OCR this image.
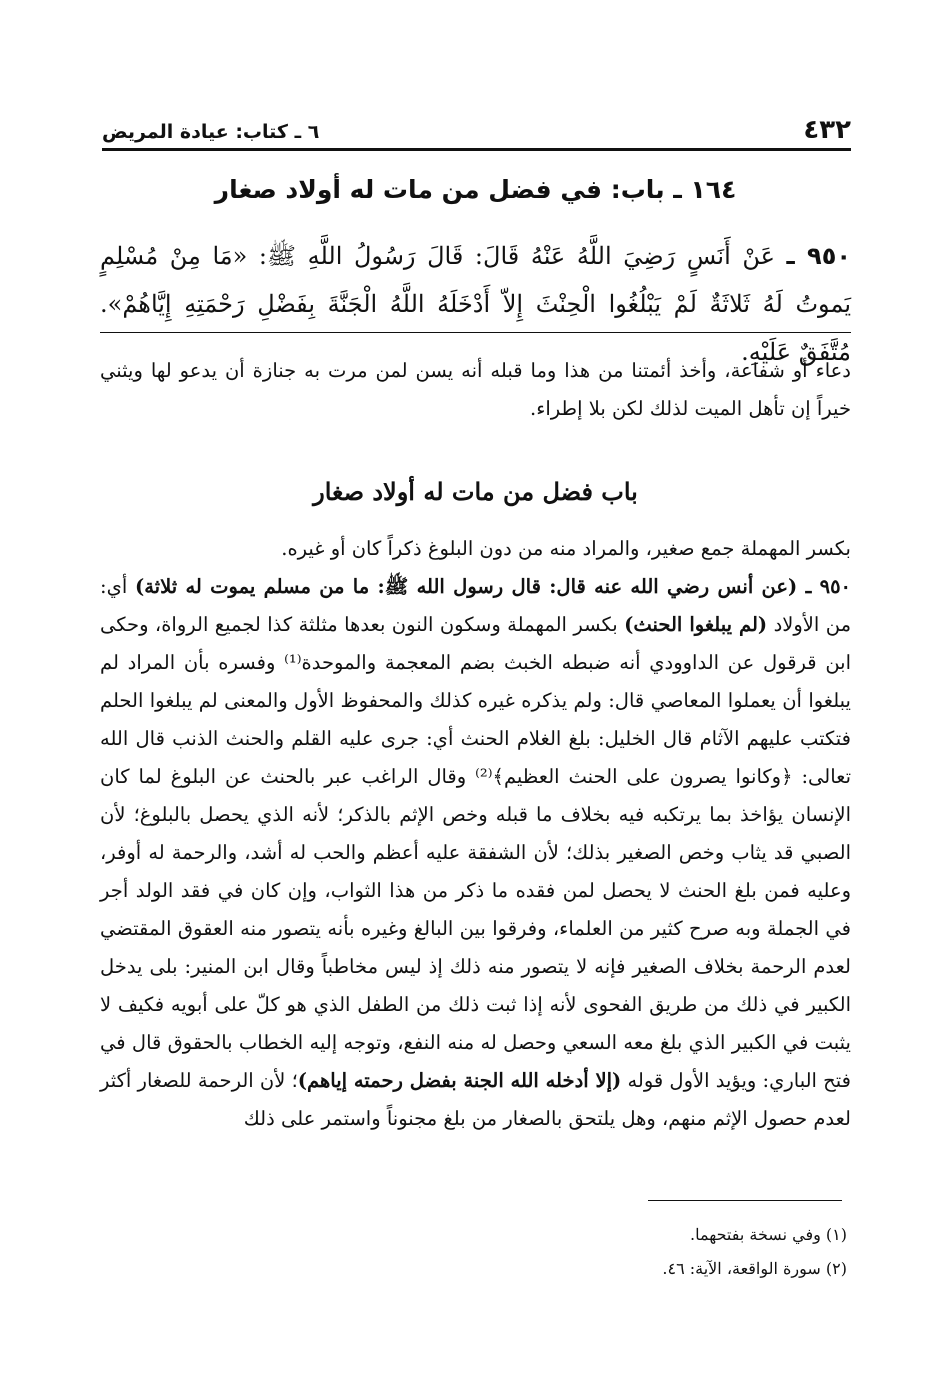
٤٣٢
٦ ـ كتاب: عيادة المريض
١٦٤ ـ باب: في فضل من مات له أولاد صغار
٩٥٠ ـ عَنْ أَنَسٍ رَضِيَ اللَّهُ عَنْهُ قَالَ: قَالَ رَسُولُ اللَّهِ ﷺ: «مَا مِنْ مُسْلِمٍ يَموتُ لَهُ ثَلاثَةٌ لَمْ يَبْلُغُوا الْحِنْثَ إِلاّ أَدْخَلَهُ اللَّهُ الْجَنَّةَ بِفَضْلِ رَحْمَتِهِ إِيَّاهُمْ». مُتَّفَقٌ عَلَيْهِ.

دعاء أو شفاعة، وأخذ أئمتنا من هذا وما قبله أنه يسن لمن مرت به جنازة أن يدعو لها ويثني خيراً إن تأهل الميت لذلك لكن بلا إطراء.

باب فضل من مات له أولاد صغار

بكسر المهملة جمع صغير، والمراد منه من دون البلوغ ذكراً كان أو غيره.

٩٥٠ ـ (عن أنس رضي الله عنه قال: قال رسول الله ﷺ: ما من مسلم يموت له ثلاثة) أي: من الأولاد (لم يبلغوا الحنث) بكسر المهملة وسكون النون بعدها مثلثة كذا لجميع الرواة، وحكى ابن قرقول عن الداوودي أنه ضبطه الخبث بضم المعجمة والموحدة⁽¹⁾ وفسره بأن المراد لم يبلغوا أن يعملوا المعاصي قال: ولم يذكره غيره كذلك والمحفوظ الأول والمعنى لم يبلغوا الحلم فتكتب عليهم الآثام قال الخليل: بلغ الغلام الحنث أي: جرى عليه القلم والحنث الذنب قال الله تعالى: ﴿وكانوا يصرون على الحنث العظيم﴾⁽²⁾ وقال الراغب عبر بالحنث عن البلوغ لما كان الإنسان يؤاخذ بما يرتكبه فيه بخلاف ما قبله وخص الإثم بالذكر؛ لأنه الذي يحصل بالبلوغ؛ لأن الصبي قد يثاب وخص الصغير بذلك؛ لأن الشفقة عليه أعظم والحب له أشد، والرحمة له أوفر، وعليه فمن بلغ الحنث لا يحصل لمن فقده ما ذكر من هذا الثواب، وإن كان في فقد الولد أجر في الجملة وبه صرح كثير من العلماء، وفرقوا بين البالغ وغيره بأنه يتصور منه العقوق المقتضي لعدم الرحمة بخلاف الصغير فإنه لا يتصور منه ذلك إذ ليس مخاطباً وقال ابن المنير: بلى يدخل الكبير في ذلك من طريق الفحوى لأنه إذا ثبت ذلك من الطفل الذي هو كلّ على أبويه فكيف لا يثبت في الكبير الذي بلغ معه السعي وحصل له منه النفع، وتوجه إليه الخطاب بالحقوق قال في فتح الباري: ويؤيد الأول قوله (إلا أدخله الله الجنة بفضل رحمته إياهم)؛ لأن الرحمة للصغار أكثر لعدم حصول الإثم منهم، وهل يلتحق بالصغار من بلغ مجنوناً واستمر على ذلك

(١) وفي نسخة بفتحهما.
(٢) سورة الواقعة، الآية: ٤٦.
